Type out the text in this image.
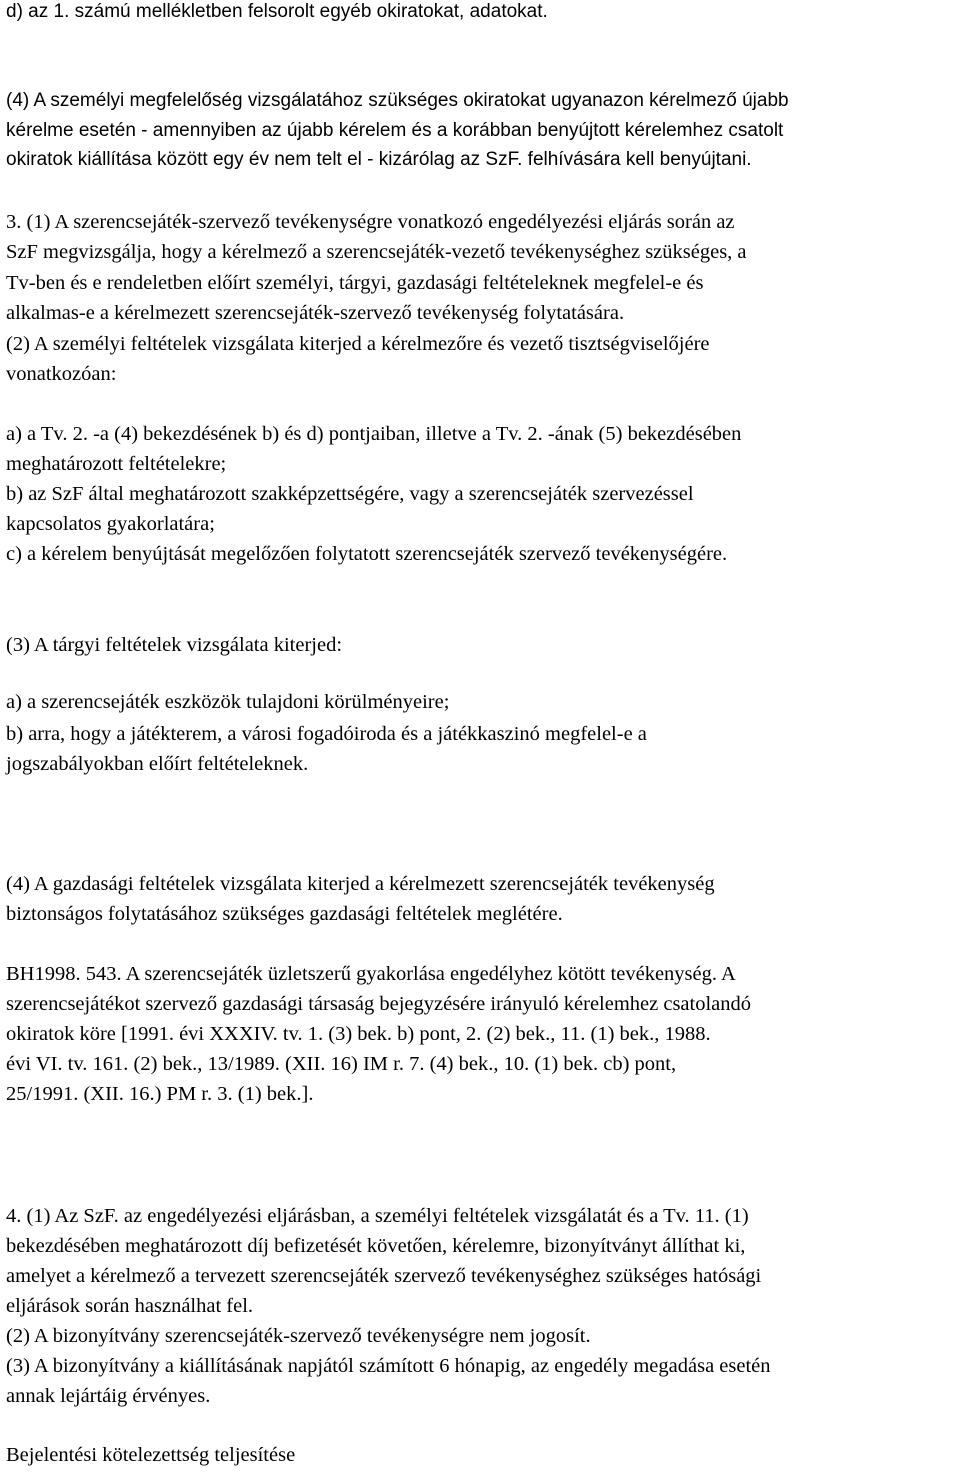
d) az 1. számú mellékletben felsorolt egyéb okiratokat, adatokat.
(4) A személyi megfelelőség vizsgálatához szükséges okiratokat ugyanazon kérelmező újabb
kérelme esetén - amennyiben az újabb kérelem és a korábban benyújtott kérelemhez csatolt
okiratok kiállítása között egy év nem telt el - kizárólag az SzF. felhívására kell benyújtani.
3. (1) A szerencsejáték-szervező tevékenységre vonatkozó engedélyezési eljárás során az
SzF megvizsgálja, hogy a kérelmező a szerencsejáték-vezető tevékenységhez szükséges, a
Tv-ben és e rendeletben előírt személyi, tárgyi, gazdasági feltételeknek megfelel-e és
alkalmas-e a kérelmezett szerencsejáték-szervező tevékenység folytatására.
(2) A személyi feltételek vizsgálata kiterjed a kérelmezőre és vezető tisztségviselőjére
vonatkozóan:
a) a Tv. 2. -a (4) bekezdésének b) és d) pontjaiban, illetve a Tv. 2. -ának (5) bekezdésében
meghatározott feltételekre;
b) az SzF által meghatározott szakképzettségére, vagy a szerencsejáték szervezéssel
kapcsolatos gyakorlatára;
c) a kérelem benyújtását megelőzően folytatott szerencsejáték szervező tevékenységére.
(3) A tárgyi feltételek vizsgálata kiterjed:
a) a szerencsejáték eszközök tulajdoni körülményeire;
b) arra, hogy a játékterem, a városi fogadóiroda és a játékkaszinó megfelel-e a
jogszabályokban előírt feltételeknek.
(4) A gazdasági feltételek vizsgálata kiterjed a kérelmezett szerencsejáték tevékenység
biztonságos folytatásához szükséges gazdasági feltételek meglétére.
BH1998. 543. A szerencsejáték üzletszerű gyakorlása engedélyhez kötött tevékenység. A
szerencsejátékot szervező gazdasági társaság bejegyzésére irányuló kérelemhez csatolandó
okiratok köre [1991. évi XXXIV. tv. 1. (3) bek. b) pont, 2. (2) bek., 11. (1) bek., 1988.
évi VI. tv. 161. (2) bek., 13/1989. (XII. 16) IM r. 7. (4) bek., 10. (1) bek. cb) pont,
25/1991. (XII. 16.) PM r. 3. (1) bek.].
4. (1) Az SzF. az engedélyezési eljárásban, a személyi feltételek vizsgálatát és a Tv. 11. (1)
bekezdésében meghatározott díj befizetését követően, kérelemre, bizonyítványt állíthat ki,
amelyet a kérelmező a tervezett szerencsejáték szervező tevékenységhez szükséges hatósági
eljárások során használhat fel.
(2) A bizonyítvány szerencsejáték-szervező tevékenységre nem jogosít.
(3) A bizonyítvány a kiállításának napjától számított 6 hónapig, az engedély megadása esetén
annak lejártáig érvényes.
Bejelentési kötelezettség teljesítése
